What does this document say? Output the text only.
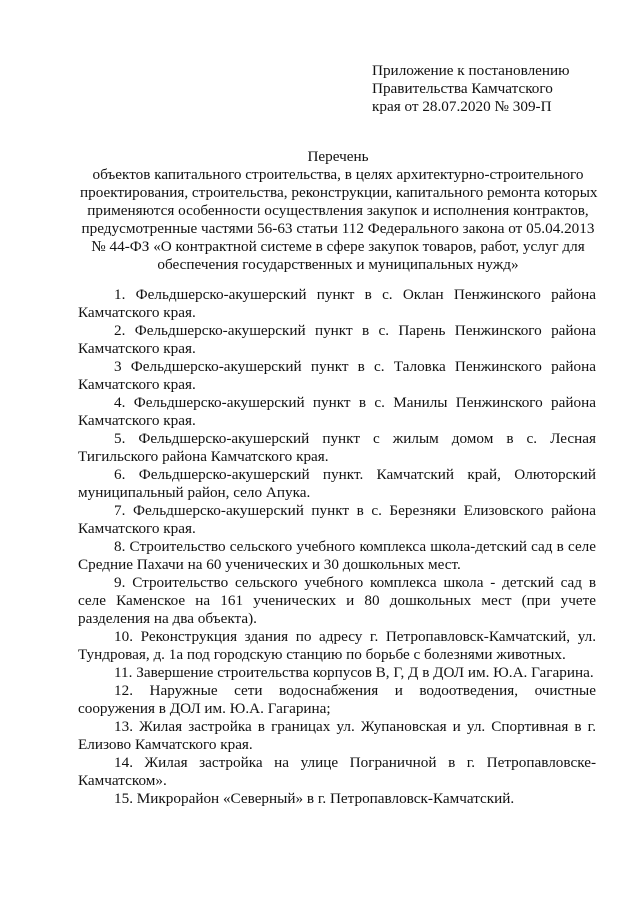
Приложение к постановлению
Правительства Камчатского
края от 28.07.2020 № 309-П
Перечень
объектов капитального строительства, в целях архитектурно-строительного
проектирования, строительства, реконструкции, капитального ремонта которых
применяются особенности осуществления закупок и исполнения контрактов,
предусмотренные частями 56-63 статьи 112 Федерального закона от 05.04.2013
№ 44-ФЗ «О контрактной системе в сфере закупок товаров, работ, услуг для
обеспечения государственных и муниципальных нужд»

1. Фельдшерско-акушерский пункт в с. Оклан Пенжинского района Камчатского края.

2. Фельдшерско-акушерский пункт в с. Парень Пенжинского района Камчатского края.

3 Фельдшерско-акушерский пункт в с. Таловка Пенжинского района Камчатского края.

4. Фельдшерско-акушерский пункт в с. Манилы Пенжинского района Камчатского края.

5. Фельдшерско-акушерский пункт с жилым домом в с. Лесная Тигильского района Камчатского края.

6. Фельдшерско-акушерский пункт. Камчатский край, Олюторский муниципальный район, село Апука.

7. Фельдшерско-акушерский пункт в с. Березняки Елизовского района Камчатского края.

8. Строительство сельского учебного комплекса школа-детский сад в селе Средние Пахачи на 60 ученических и 30 дошкольных мест.

9. Строительство сельского учебного комплекса школа - детский сад в селе Каменское на 161 ученических и 80 дошкольных мест (при учете разделения на два объекта).

10. Реконструкция здания по адресу г. Петропавловск-Камчатский, ул. Тундровая, д. 1а под городскую станцию по борьбе с болезнями животных.

11. Завершение строительства корпусов В, Г, Д в ДОЛ им. Ю.А. Гагарина.

12. Наружные сети водоснабжения и водоотведения, очистные сооружения в ДОЛ им. Ю.А. Гагарина;

13. Жилая застройка в границах ул. Жупановская и ул. Спортивная в г. Елизово Камчатского края.

14. Жилая застройка на улице Пограничной в г. Петропавловске-Камчатском».

15. Микрорайон «Северный» в г. Петропавловск-Камчатский.
